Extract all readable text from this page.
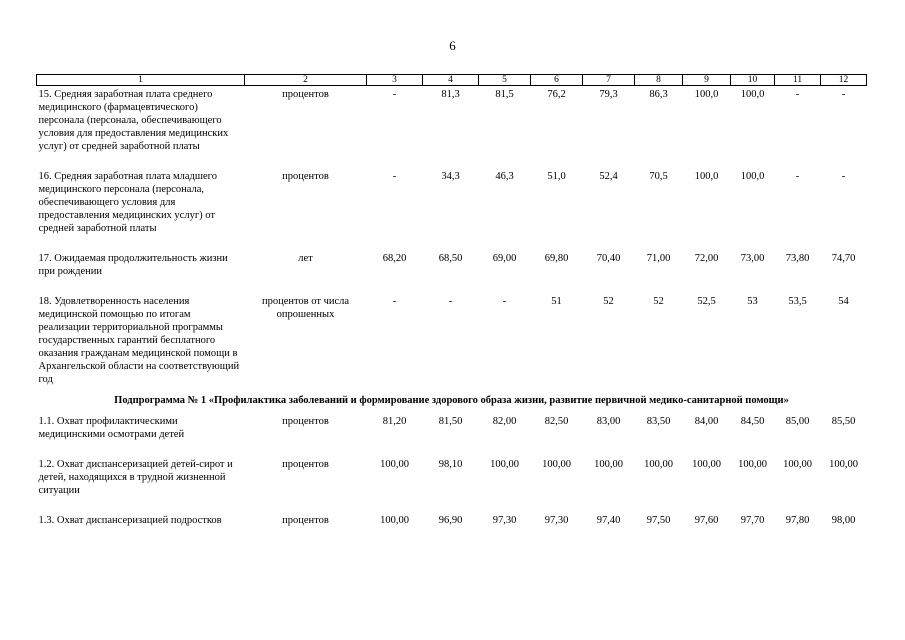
6
1	2	3	4	5	6	7	8	9	10	11	12
15. Средняя заработная плата среднего медицинского (фармацевтического) персонала (персонала, обеспечивающего условия для предоставления медицинских услуг) от средней заработной платы	процентов	-	81,3	81,5	76,2	79,3	86,3	100,0	100,0	-	-

16. Средняя заработная плата младшего медицинского персонала (персонала, обеспечивающего условия для предоставления медицинских услуг) от средней заработной платы	процентов	-	34,3	46,3	51,0	52,4	70,5	100,0	100,0	-	-

17. Ожидаемая продолжительность жизни при рождении	лет	68,20	68,50	69,00	69,80	70,40	71,00	72,00	73,00	73,80	74,70

18. Удовлетворенность населения медицинской помощью по итогам реализации территориальной программы государственных гарантий бесплатного оказания гражданам медицинской помощи в Архангельской области на соответствующий год	процентов от числа опрошенных	-	-	-	51	52	52	52,5	53	53,5	54
Подпрограмма № 1 «Профилактика заболеваний и формирование здорового образа жизни, развитие первичной медико-санитарной помощи»											
1.1. Охват профилактическими медицинскими осмотрами детей	процентов	81,20	81,50	82,00	82,50	83,00	83,50	84,00	84,50	85,00	85,50

1.2. Охват диспансеризацией детей-сирот и детей, находящихся в трудной жизненной ситуации	процентов	100,00	98,10	100,00	100,00	100,00	100,00	100,00	100,00	100,00	100,00

1.3. Охват диспансеризацией подростков	процентов	100,00	96,90	97,30	97,30	97,40	97,50	97,60	97,70	97,80	98,00
